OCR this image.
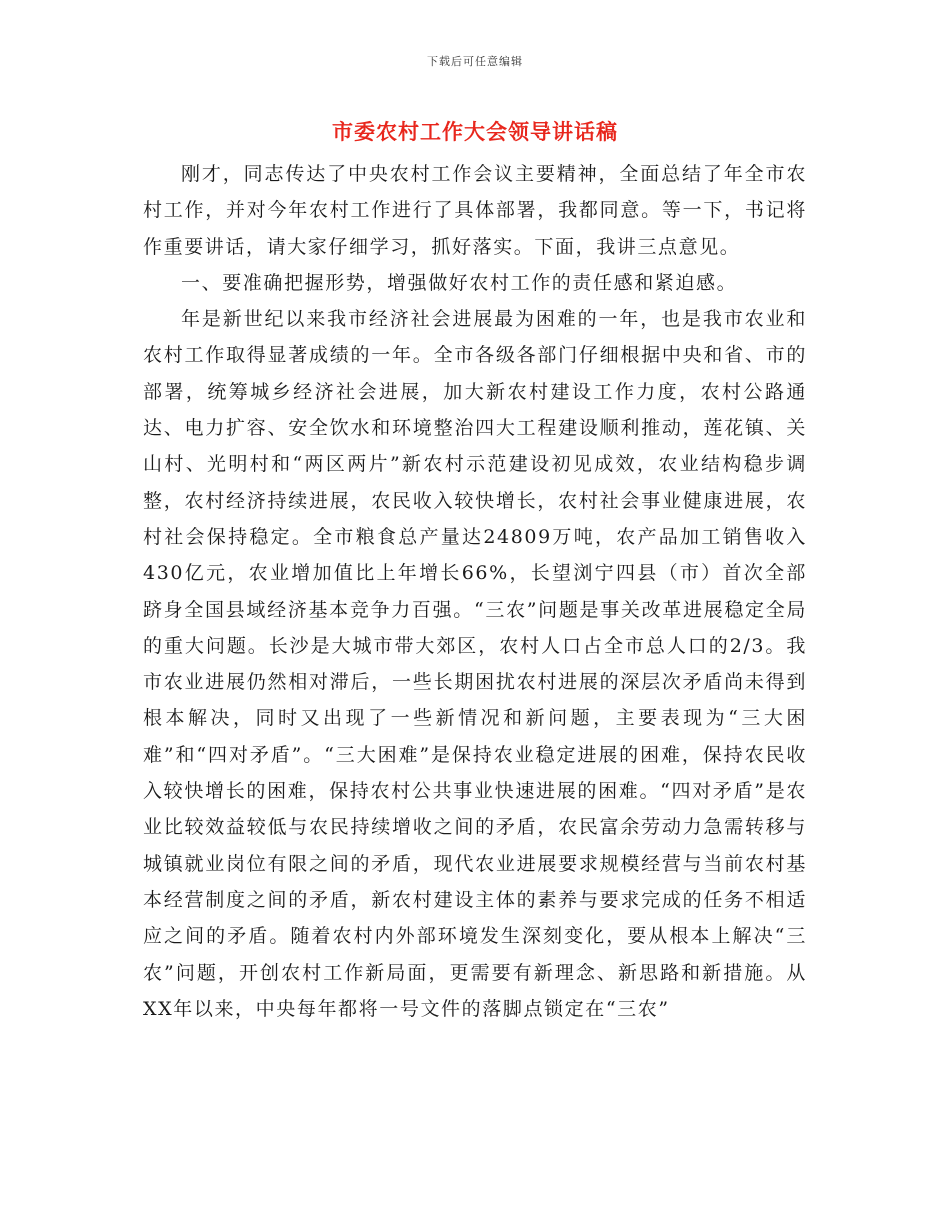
下载后可任意编辑
市委农村工作大会领导讲话稿

刚才，同志传达了中央农村工作会议主要精神，全面总结了年全市农村工作，并对今年农村工作进行了具体部署，我都同意。等一下，书记将作重要讲话，请大家仔细学习，抓好落实。下面，我讲三点意见。

一、要准确把握形势，增强做好农村工作的责任感和紧迫感。

年是新世纪以来我市经济社会进展最为困难的一年，也是我市农业和农村工作取得显著成绩的一年。全市各级各部门仔细根据中央和省、市的部署，统筹城乡经济社会进展，加大新农村建设工作力度，农村公路通达、电力扩容、安全饮水和环境整治四大工程建设顺利推动，莲花镇、关山村、光明村和“两区两片”新农村示范建设初见成效，农业结构稳步调整，农村经济持续进展，农民收入较快增长，农村社会事业健康进展，农村社会保持稳定。全市粮食总产量达24809万吨，农产品加工销售收入430亿元，农业增加值比上年增长66%，长望浏宁四县（市）首次全部跻身全国县域经济基本竞争力百强。“三农”问题是事关改革进展稳定全局的重大问题。长沙是大城市带大郊区，农村人口占全市总人口的2/3。我市农业进展仍然相对滞后，一些长期困扰农村进展的深层次矛盾尚未得到根本解决，同时又出现了一些新情况和新问题，主要表现为“三大困难”和“四对矛盾”。“三大困难”是保持农业稳定进展的困难，保持农民收入较快增长的困难，保持农村公共事业快速进展的困难。“四对矛盾”是农业比较效益较低与农民持续增收之间的矛盾，农民富余劳动力急需转移与城镇就业岗位有限之间的矛盾，现代农业进展要求规模经营与当前农村基本经营制度之间的矛盾，新农村建设主体的素养与要求完成的任务不相适应之间的矛盾。随着农村内外部环境发生深刻变化，要从根本上解决“三农”问题，开创农村工作新局面，更需要有新理念、新思路和新措施。从XX年以来，中央每年都将一号文件的落脚点锁定在“三农”
